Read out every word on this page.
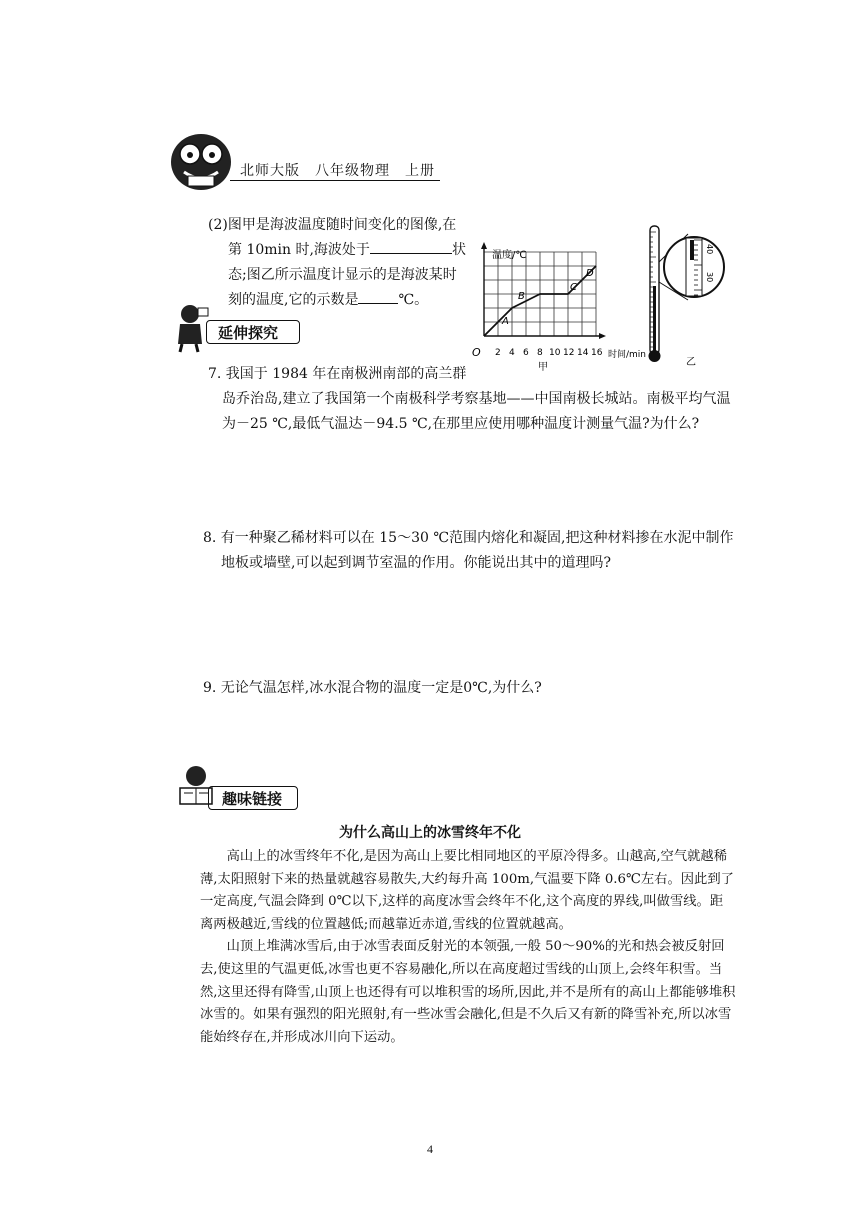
北师大版　八年级物理　上册
(2)图甲是海波温度随时间变化的图像,在
第 10min 时,海波处于	状
态;图乙所示温度计显示的是海波某时
刻的温度,它的示数是	℃。
温度/℃
O 2 4 6 8 10 12 14 16 时间/min
A
B
C
D
甲
40
30
乙
延伸探究
7. 我国于 1984 年在南极洲南部的高兰群
岛乔治岛,建立了我国第一个南极科学考察基地——中国南极长城站。南极平均气温
为－25 ℃,最低气温达－94.5 ℃,在那里应使用哪种温度计测量气温?为什么?
8. 有一种聚乙稀材料可以在 15～30 ℃范围内熔化和凝固,把这种材料掺在水泥中制作
地板或墙壁,可以起到调节室温的作用。你能说出其中的道理吗?
9. 无论气温怎样,冰水混合物的温度一定是0℃,为什么?
趣味链接
为什么高山上的冰雪终年不化

高山上的冰雪终年不化,是因为高山上要比相同地区的平原冷得多。山越高,空气就越稀薄,太阳照射下来的热量就越容易散失,大约每升高 100m,气温要下降 0.6℃左右。因此到了一定高度,气温会降到 0℃以下,这样的高度冰雪会终年不化,这个高度的界线,叫做雪线。距离两极越近,雪线的位置越低;而越靠近赤道,雪线的位置就越高。

山顶上堆满冰雪后,由于冰雪表面反射光的本领强,一般 50～90%的光和热会被反射回去,使这里的气温更低,冰雪也更不容易融化,所以在高度超过雪线的山顶上,会终年积雪。当然,这里还得有降雪,山顶上也还得有可以堆积雪的场所,因此,并不是所有的高山上都能够堆积冰雪的。如果有强烈的阳光照射,有一些冰雪会融化,但是不久后又有新的降雪补充,所以冰雪能始终存在,并形成冰川向下运动。

4
